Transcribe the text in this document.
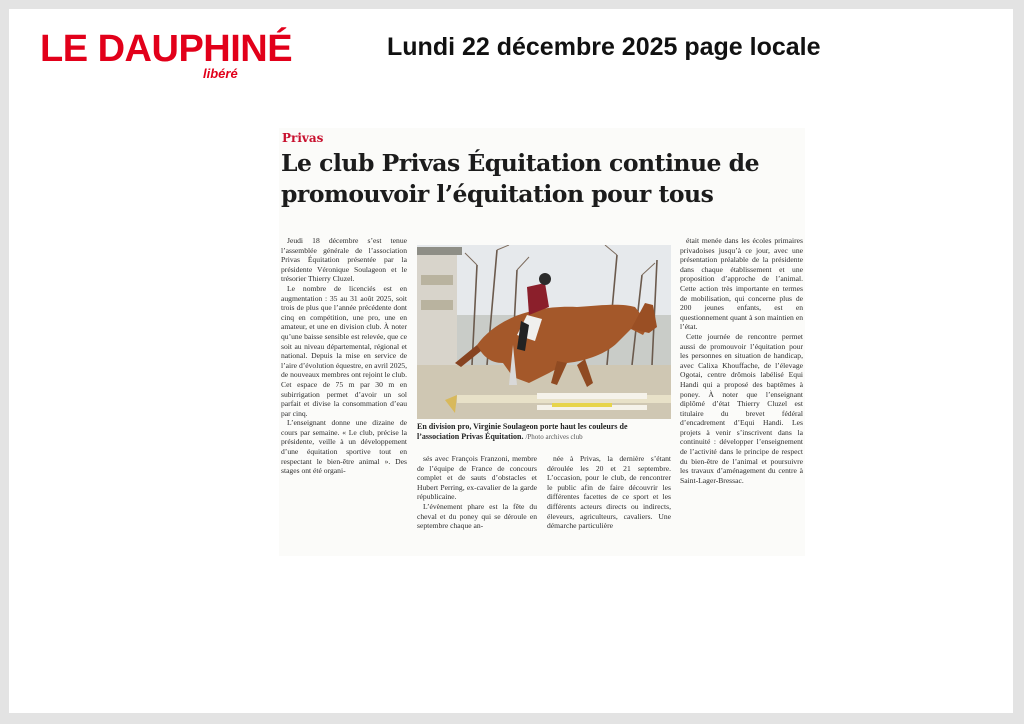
LE DAUPHINÉ
libéré
Lundi 22 décembre 2025 page locale
Privas
Le club Privas Équitation continue de promouvoir l’équitation pour tous

Jeudi 18 décembre s’est tenue l’assemblée générale de l’association Privas Équitation présentée par la présidente Véronique Soulageon et le trésorier Thierry Cluzel.

Le nombre de licenciés est en augmentation : 35 au 31 août 2025, soit trois de plus que l’année précédente dont cinq en compétition, une pro, une en amateur, et une en division club. À noter qu’une baisse sensible est relevée, que ce soit au niveau départemental, régional et national. Depuis la mise en service de l’aire d’évolution équestre, en avril 2025, de nouveaux membres ont rejoint le club. Cet espace de 75 m par 30 m en subirrigation permet d’avoir un sol parfait et divise la consommation d’eau par cinq.

L’enseignant donne une dizaine de cours par semaine. « Le club, précise la présidente, veille à un développement d’une équitation sportive tout en respectant le bien-être animal ». Des stages ont été organi-

En division pro, Virginie Soulageon porte haut les couleurs de l’association Privas Équitation. /Photo archives club

sés avec François Franzoni, membre de l’équipe de France de concours complet et de sauts d’obstacles et Hubert Perring, ex-cavalier de la garde républicaine.

L’évènement phare est la fête du cheval et du poney qui se déroule en septembre chaque an-

née à Privas, la dernière s’étant déroulée les 20 et 21 septembre. L’occasion, pour le club, de rencontrer le public afin de faire découvrir les différentes facettes de ce sport et les différents acteurs directs ou indirects, éleveurs, agriculteurs, cavaliers. Une démarche particulière

était menée dans les écoles primaires privadoises jusqu’à ce jour, avec une présentation préalable de la présidente dans chaque établissement et une proposition d’approche de l’animal. Cette action très importante en termes de mobilisation, qui concerne plus de 200 jeunes enfants, est en questionnement quant à son maintien en l’état.

Cette journée de rencontre permet aussi de promouvoir l’équitation pour les personnes en situation de handicap, avec Calixa Khouffache, de l’élevage Ogotai, centre drômois labélisé Equi Handi qui a proposé des baptêmes à poney. À noter que l’enseignant diplômé d’état Thierry Cluzel est titulaire du brevet fédéral d’encadrement d’Equi Handi. Les projets à venir s’inscrivent dans la continuité : développer l’enseignement de l’activité dans le principe de respect du bien-être de l’animal et poursuivre les travaux d’aménagement du centre à Saint-Lager-Bressac.
